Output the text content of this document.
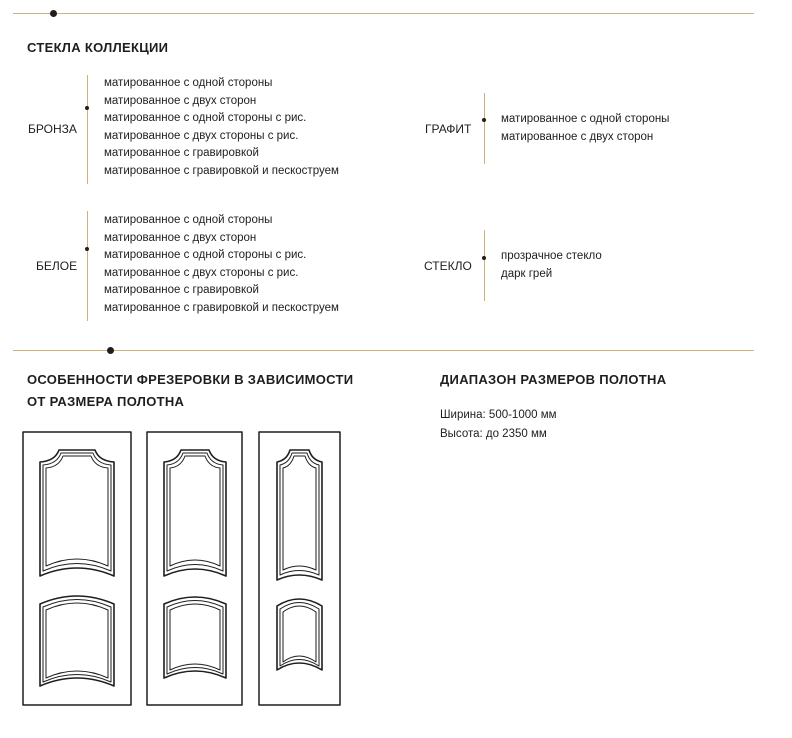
СТЕКЛА КОЛЛЕКЦИИ
БРОНЗА
матированное с одной стороны
матированное с двух сторон
матированное с одной стороны с рис.
матированное с двух стороны с рис.
матированное с гравировкой
матированное с гравировкой и пескоструем
ГРАФИТ
матированное с одной стороны
матированное с двух сторон
БЕЛОЕ
матированное с одной стороны
матированное с двух сторон
матированное с одной стороны с рис.
матированное с двух стороны с рис.
матированное с гравировкой
матированное с гравировкой и пескоструем
СТЕКЛО
прозрачное стекло
дарк грей
ОСОБЕННОСТИ ФРЕЗЕРОВКИ В ЗАВИСИМОСТИ
ОТ РАЗМЕРА ПОЛОТНА
ДИАПАЗОН РАЗМЕРОВ ПОЛОТНА
Ширина: 500-1000 мм
Высота: до 2350 мм
